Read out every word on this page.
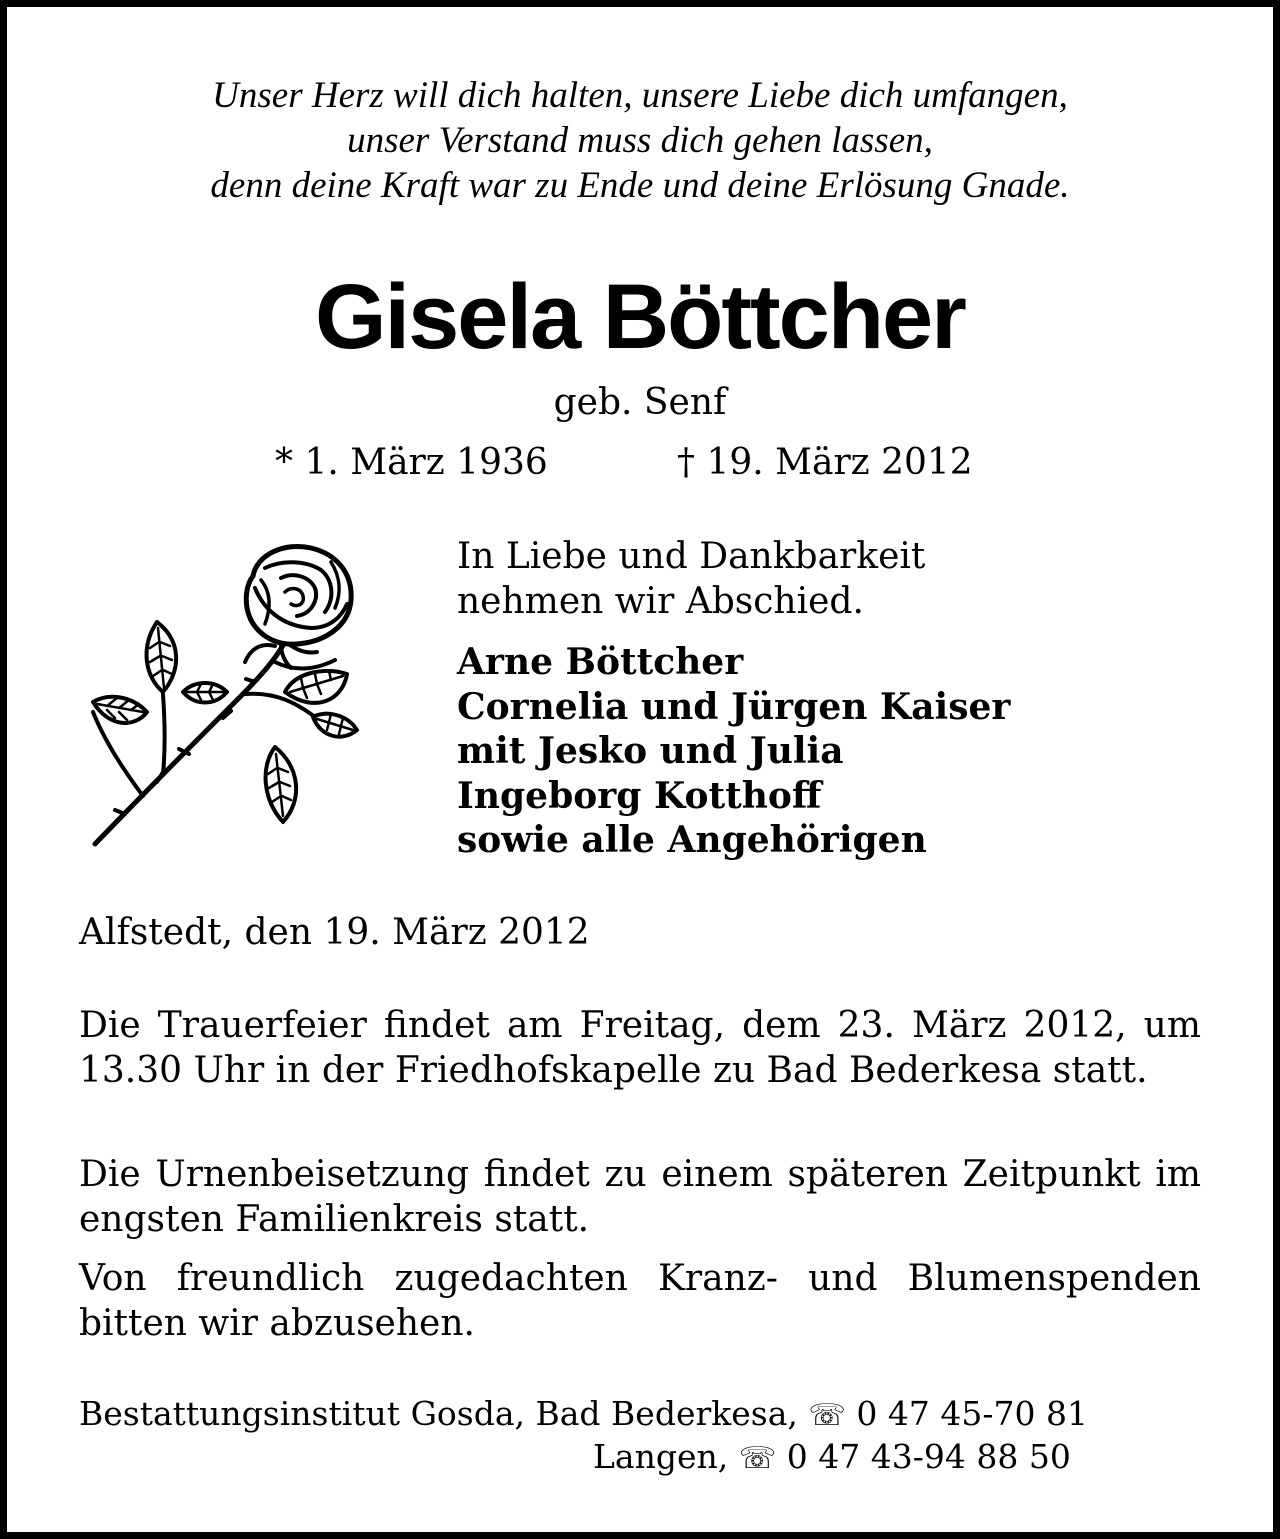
Unser Herz will dich halten, unsere Liebe dich umfangen,
unser Verstand muss dich gehen lassen,
denn deine Kraft war zu Ende und deine Erlösung Gnade.
Gisela Böttcher
geb. Senf
* 1. März 1936	† 19. März 2012
In Liebe und Dankbarkeit
nehmen wir Abschied.
Arne Böttcher
Cornelia und Jürgen Kaiser
mit Jesko und Julia
Ingeborg Kotthoff
sowie alle Angehörigen
Alfstedt, den 19. März 2012

Die Trauerfeier findet am Freitag, dem 23. März 2012, um 13.30 Uhr in der Friedhofskapelle zu Bad Bederkesa statt.

Die Urnenbeisetzung findet zu einem späteren Zeitpunkt im engsten Familienkreis statt.

Von freundlich zugedachten Kranz- und Blumenspenden bitten wir abzusehen.

Bestattungsinstitut Gosda, Bad Bederkesa, ☏ 0 47 45-70 81
Langen, ☏ 0 47 43-94 88 50
